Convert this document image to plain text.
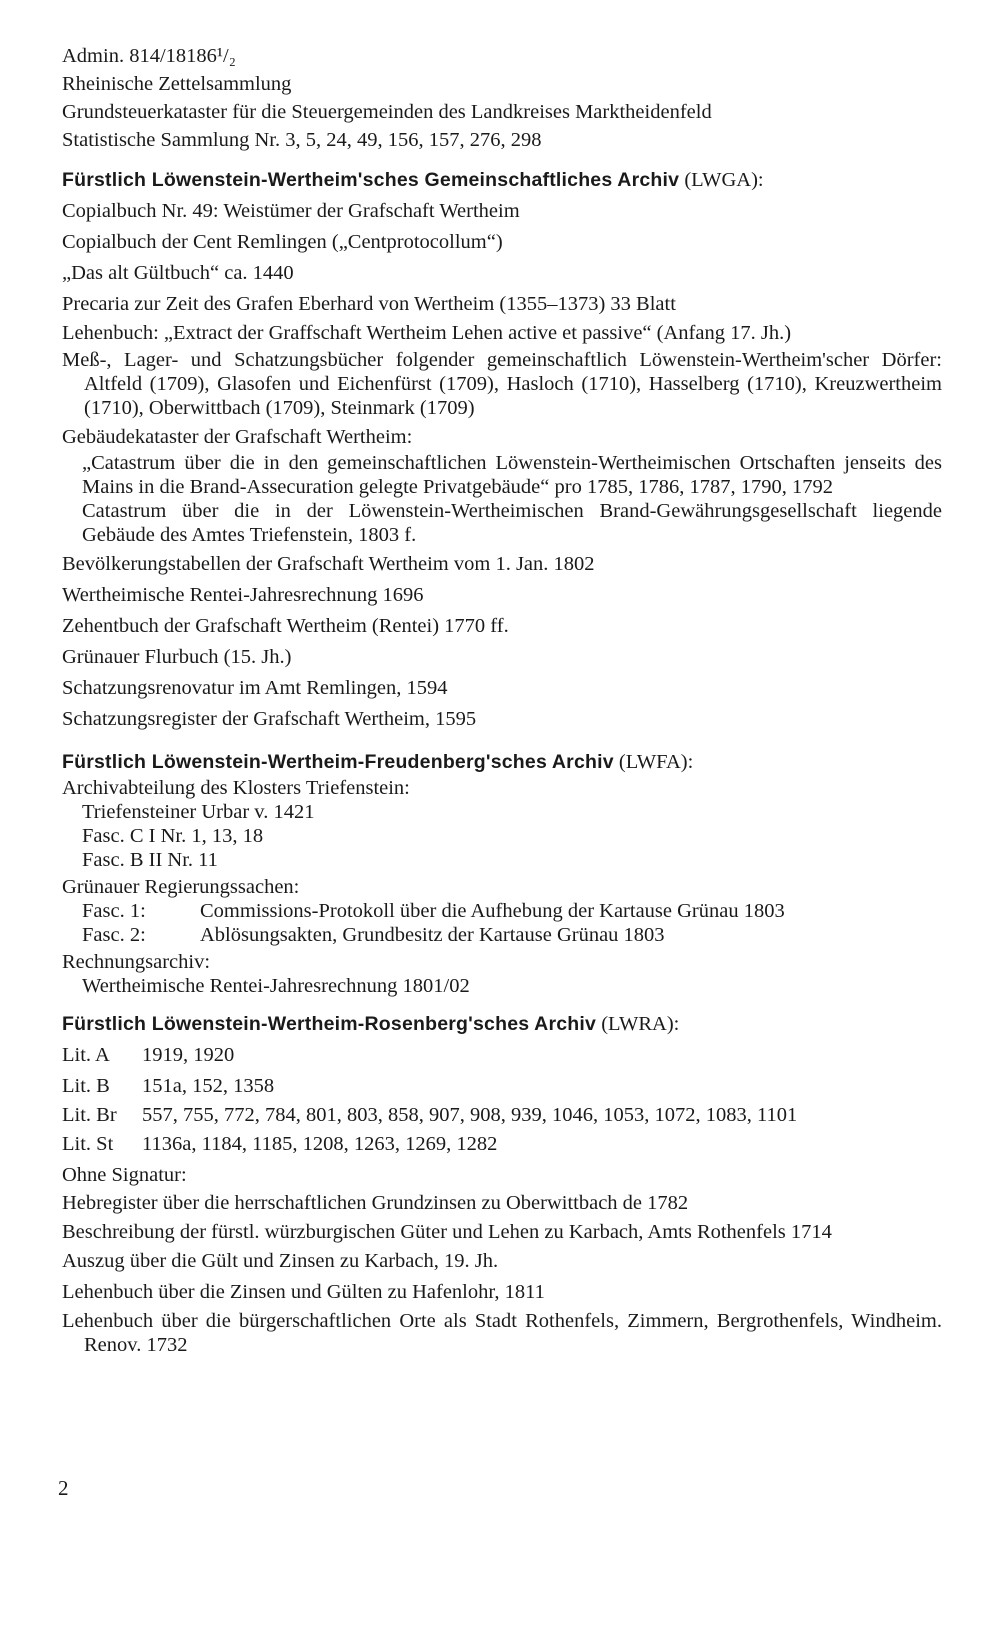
Admin. 814/18186¹/₂
Rheinische Zettelsammlung
Grundsteuerkataster für die Steuergemeinden des Landkreises Marktheidenfeld
Statistische Sammlung Nr. 3, 5, 24, 49, 156, 157, 276, 298
Fürstlich Löwenstein-Wertheim'sches Gemeinschaftliches Archiv (LWGA):
Copialbuch Nr. 49: Weistümer der Grafschaft Wertheim
Copialbuch der Cent Remlingen („Centprotocollum“)
„Das alt Gültbuch“ ca. 1440
Precaria zur Zeit des Grafen Eberhard von Wertheim (1355–1373) 33 Blatt
Lehenbuch: „Extract der Graffschaft Wertheim Lehen active et passive“ (Anfang 17. Jh.)
Meß-, Lager- und Schatzungsbücher folgender gemeinschaftlich Löwenstein-Wertheim'scher Dörfer: Altfeld (1709), Glasofen und Eichenfürst (1709), Hasloch (1710), Hasselberg (1710), Kreuzwertheim (1710), Oberwittbach (1709), Steinmark (1709)
Gebäudekataster der Grafschaft Wertheim:
„Catastrum über die in den gemeinschaftlichen Löwenstein-Wertheimischen Ortschaften jenseits des Mains in die Brand-Assecuration gelegte Privatgebäude“ pro 1785, 1786, 1787, 1790, 1792
Catastrum über die in der Löwenstein-Wertheimischen Brand-Gewährungsgesellschaft liegende Gebäude des Amtes Triefenstein, 1803 f.
Bevölkerungstabellen der Grafschaft Wertheim vom 1. Jan. 1802
Wertheimische Rentei-Jahresrechnung 1696
Zehentbuch der Grafschaft Wertheim (Rentei) 1770 ff.
Grünauer Flurbuch (15. Jh.)
Schatzungsrenovatur im Amt Remlingen, 1594
Schatzungsregister der Grafschaft Wertheim, 1595
Fürstlich Löwenstein-Wertheim-Freudenberg'sches Archiv (LWFA):
Archivabteilung des Klosters Triefenstein:
Triefensteiner Urbar v. 1421
Fasc. C I Nr. 1, 13, 18
Fasc. B II Nr. 11
Grünauer Regierungssachen:
Fasc. 1:	Commissions-Protokoll über die Aufhebung der Kartause Grünau 1803
Fasc. 2:	Ablösungsakten, Grundbesitz der Kartause Grünau 1803
Rechnungsarchiv:
Wertheimische Rentei-Jahresrechnung 1801/02
Fürstlich Löwenstein-Wertheim-Rosenberg'sches Archiv (LWRA):
Lit. A	1919, 1920
Lit. B	151a, 152, 1358
Lit. Br	557, 755, 772, 784, 801, 803, 858, 907, 908, 939, 1046, 1053, 1072, 1083, 1101
Lit. St	1136a, 1184, 1185, 1208, 1263, 1269, 1282
Ohne Signatur:
Hebregister über die herrschaftlichen Grundzinsen zu Oberwittbach de 1782
Beschreibung der fürstl. würzburgischen Güter und Lehen zu Karbach, Amts Rothenfels 1714
Auszug über die Gült und Zinsen zu Karbach, 19. Jh.
Lehenbuch über die Zinsen und Gülten zu Hafenlohr, 1811
Lehenbuch über die bürgerschaftlichen Orte als Stadt Rothenfels, Zimmern, Bergrothenfels, Windheim. Renov. 1732
2
